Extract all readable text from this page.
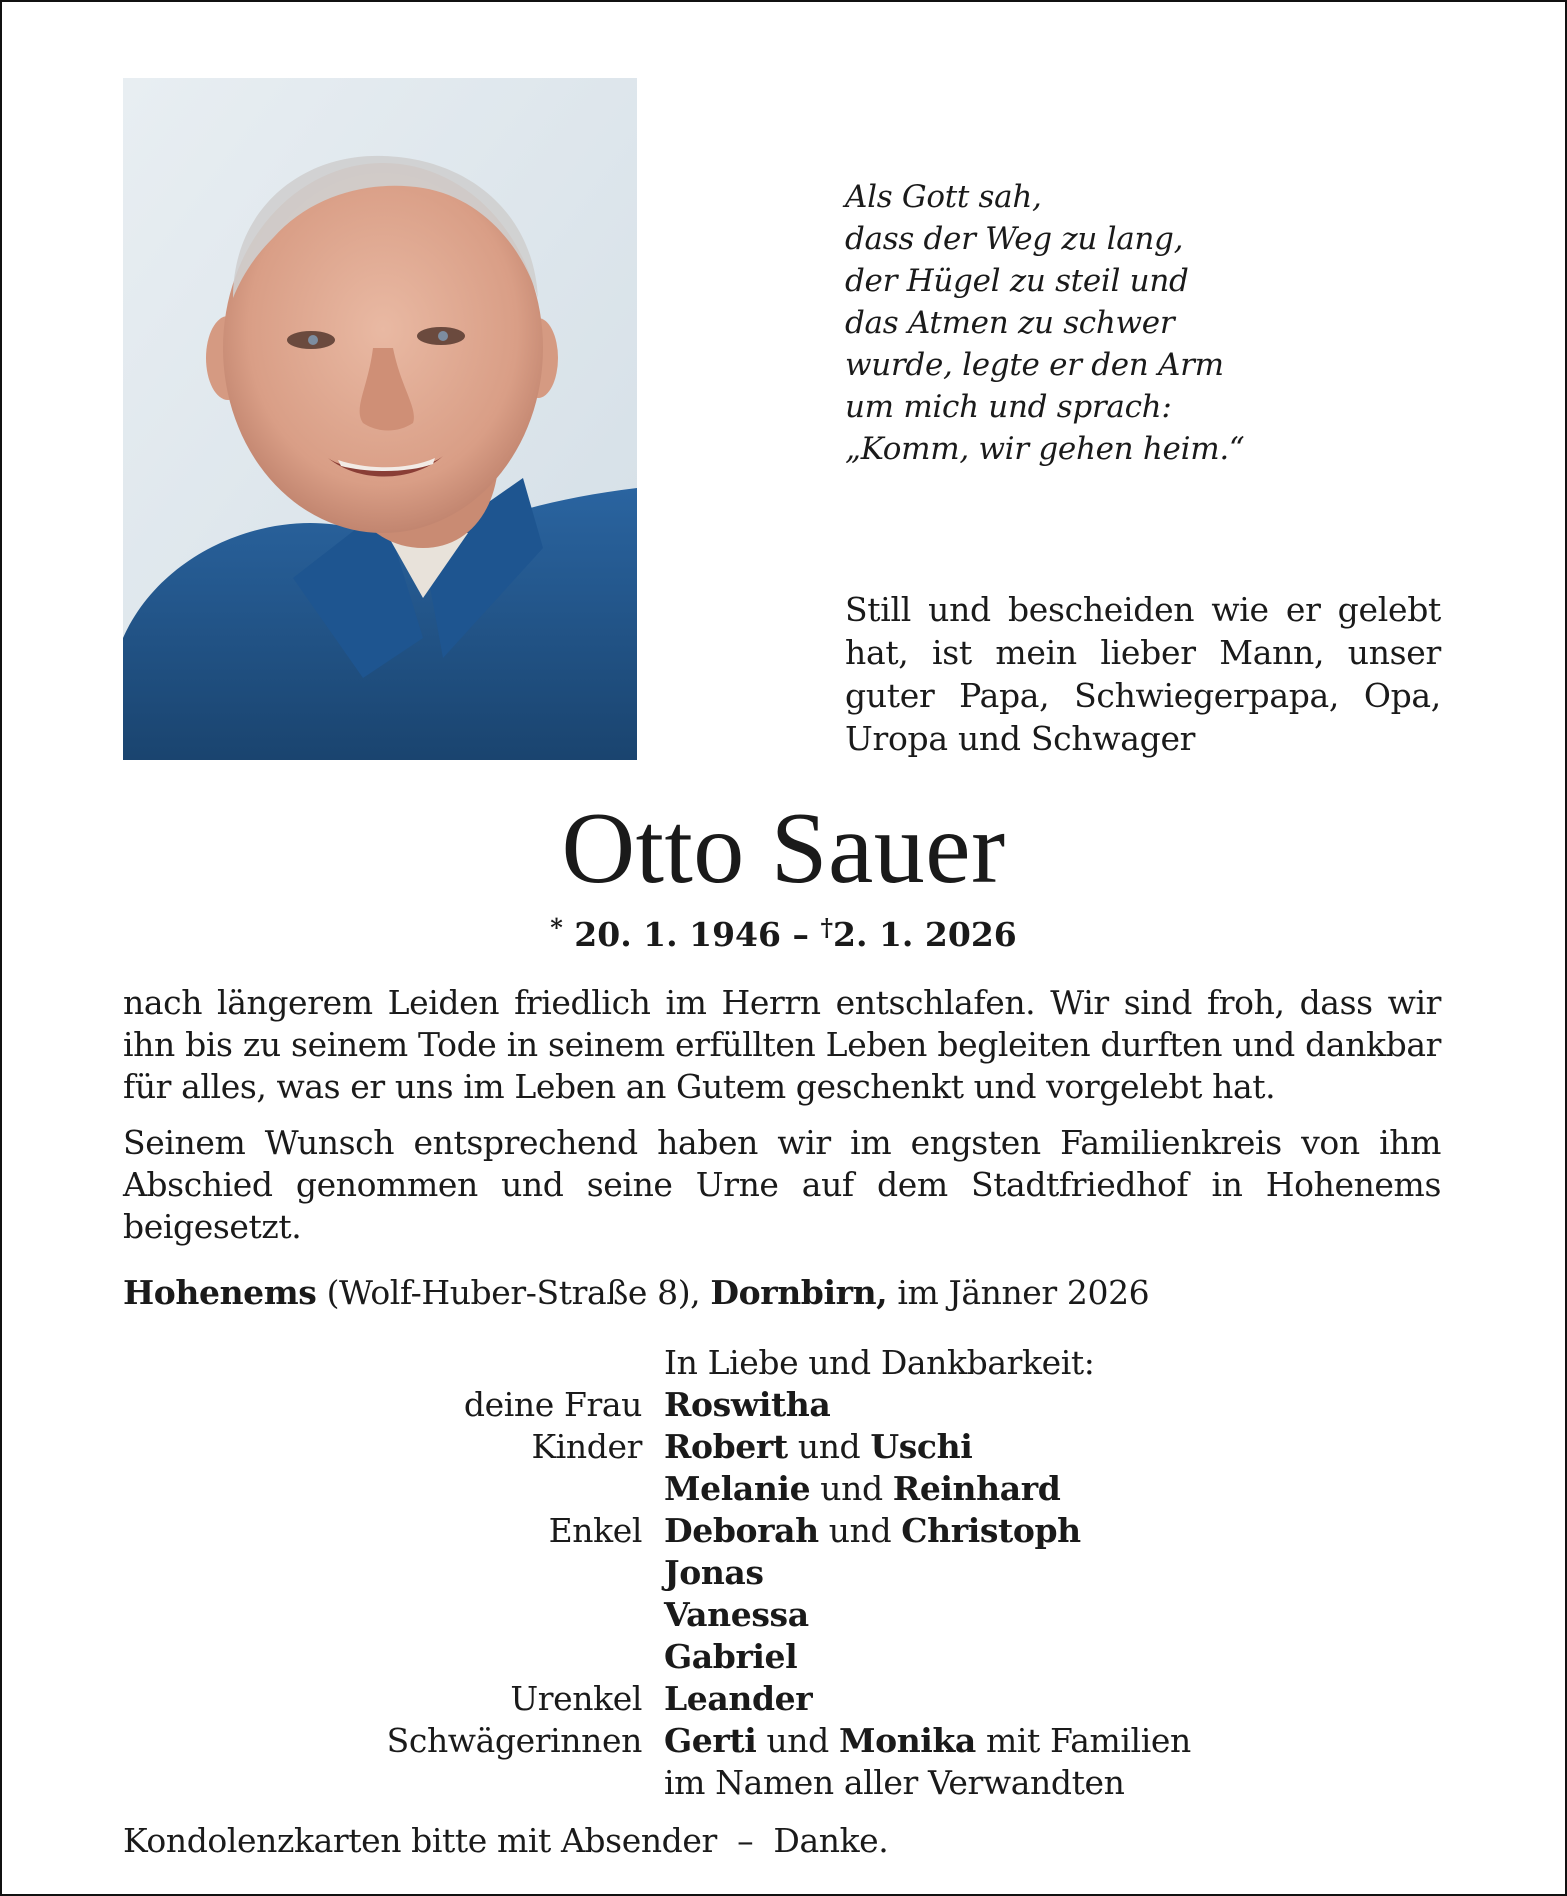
Als Gott sah,
dass der Weg zu lang,
der Hügel zu steil und
das Atmen zu schwer
wurde, legte er den Arm
um mich und sprach:
„Komm, wir gehen heim.“
Still und bescheiden wie er gelebt hat, ist mein lieber Mann, unser guter Papa, Schwiegerpapa, Opa, Uropa und Schwager
Otto Sauer
* 20. 1. 1946 – †2. 1. 2026
nach längerem Leiden friedlich im Herrn entschlafen. Wir sind froh, dass wir ihn bis zu seinem Tode in seinem erfüllten Leben begleiten durften und dankbar für alles, was er uns im Leben an Gutem geschenkt und vorgelebt hat.
Seinem Wunsch entsprechend haben wir im engsten Familienkreis von ihm Abschied genommen und seine Urne auf dem Stadtfriedhof in Hohenems beigesetzt.
Hohenems (Wolf-Huber-Straße 8), Dornbirn, im Jänner 2026
In Liebe und Dankbarkeit:
deine Frau Roswitha
Kinder Robert und Uschi
Melanie und Reinhard
Enkel Deborah und Christoph
Jonas
Vanessa
Gabriel
Urenkel Leander
Schwägerinnen Gerti und Monika mit Familien
im Namen aller Verwandten
Kondolenzkarten bitte mit Absender – Danke.
